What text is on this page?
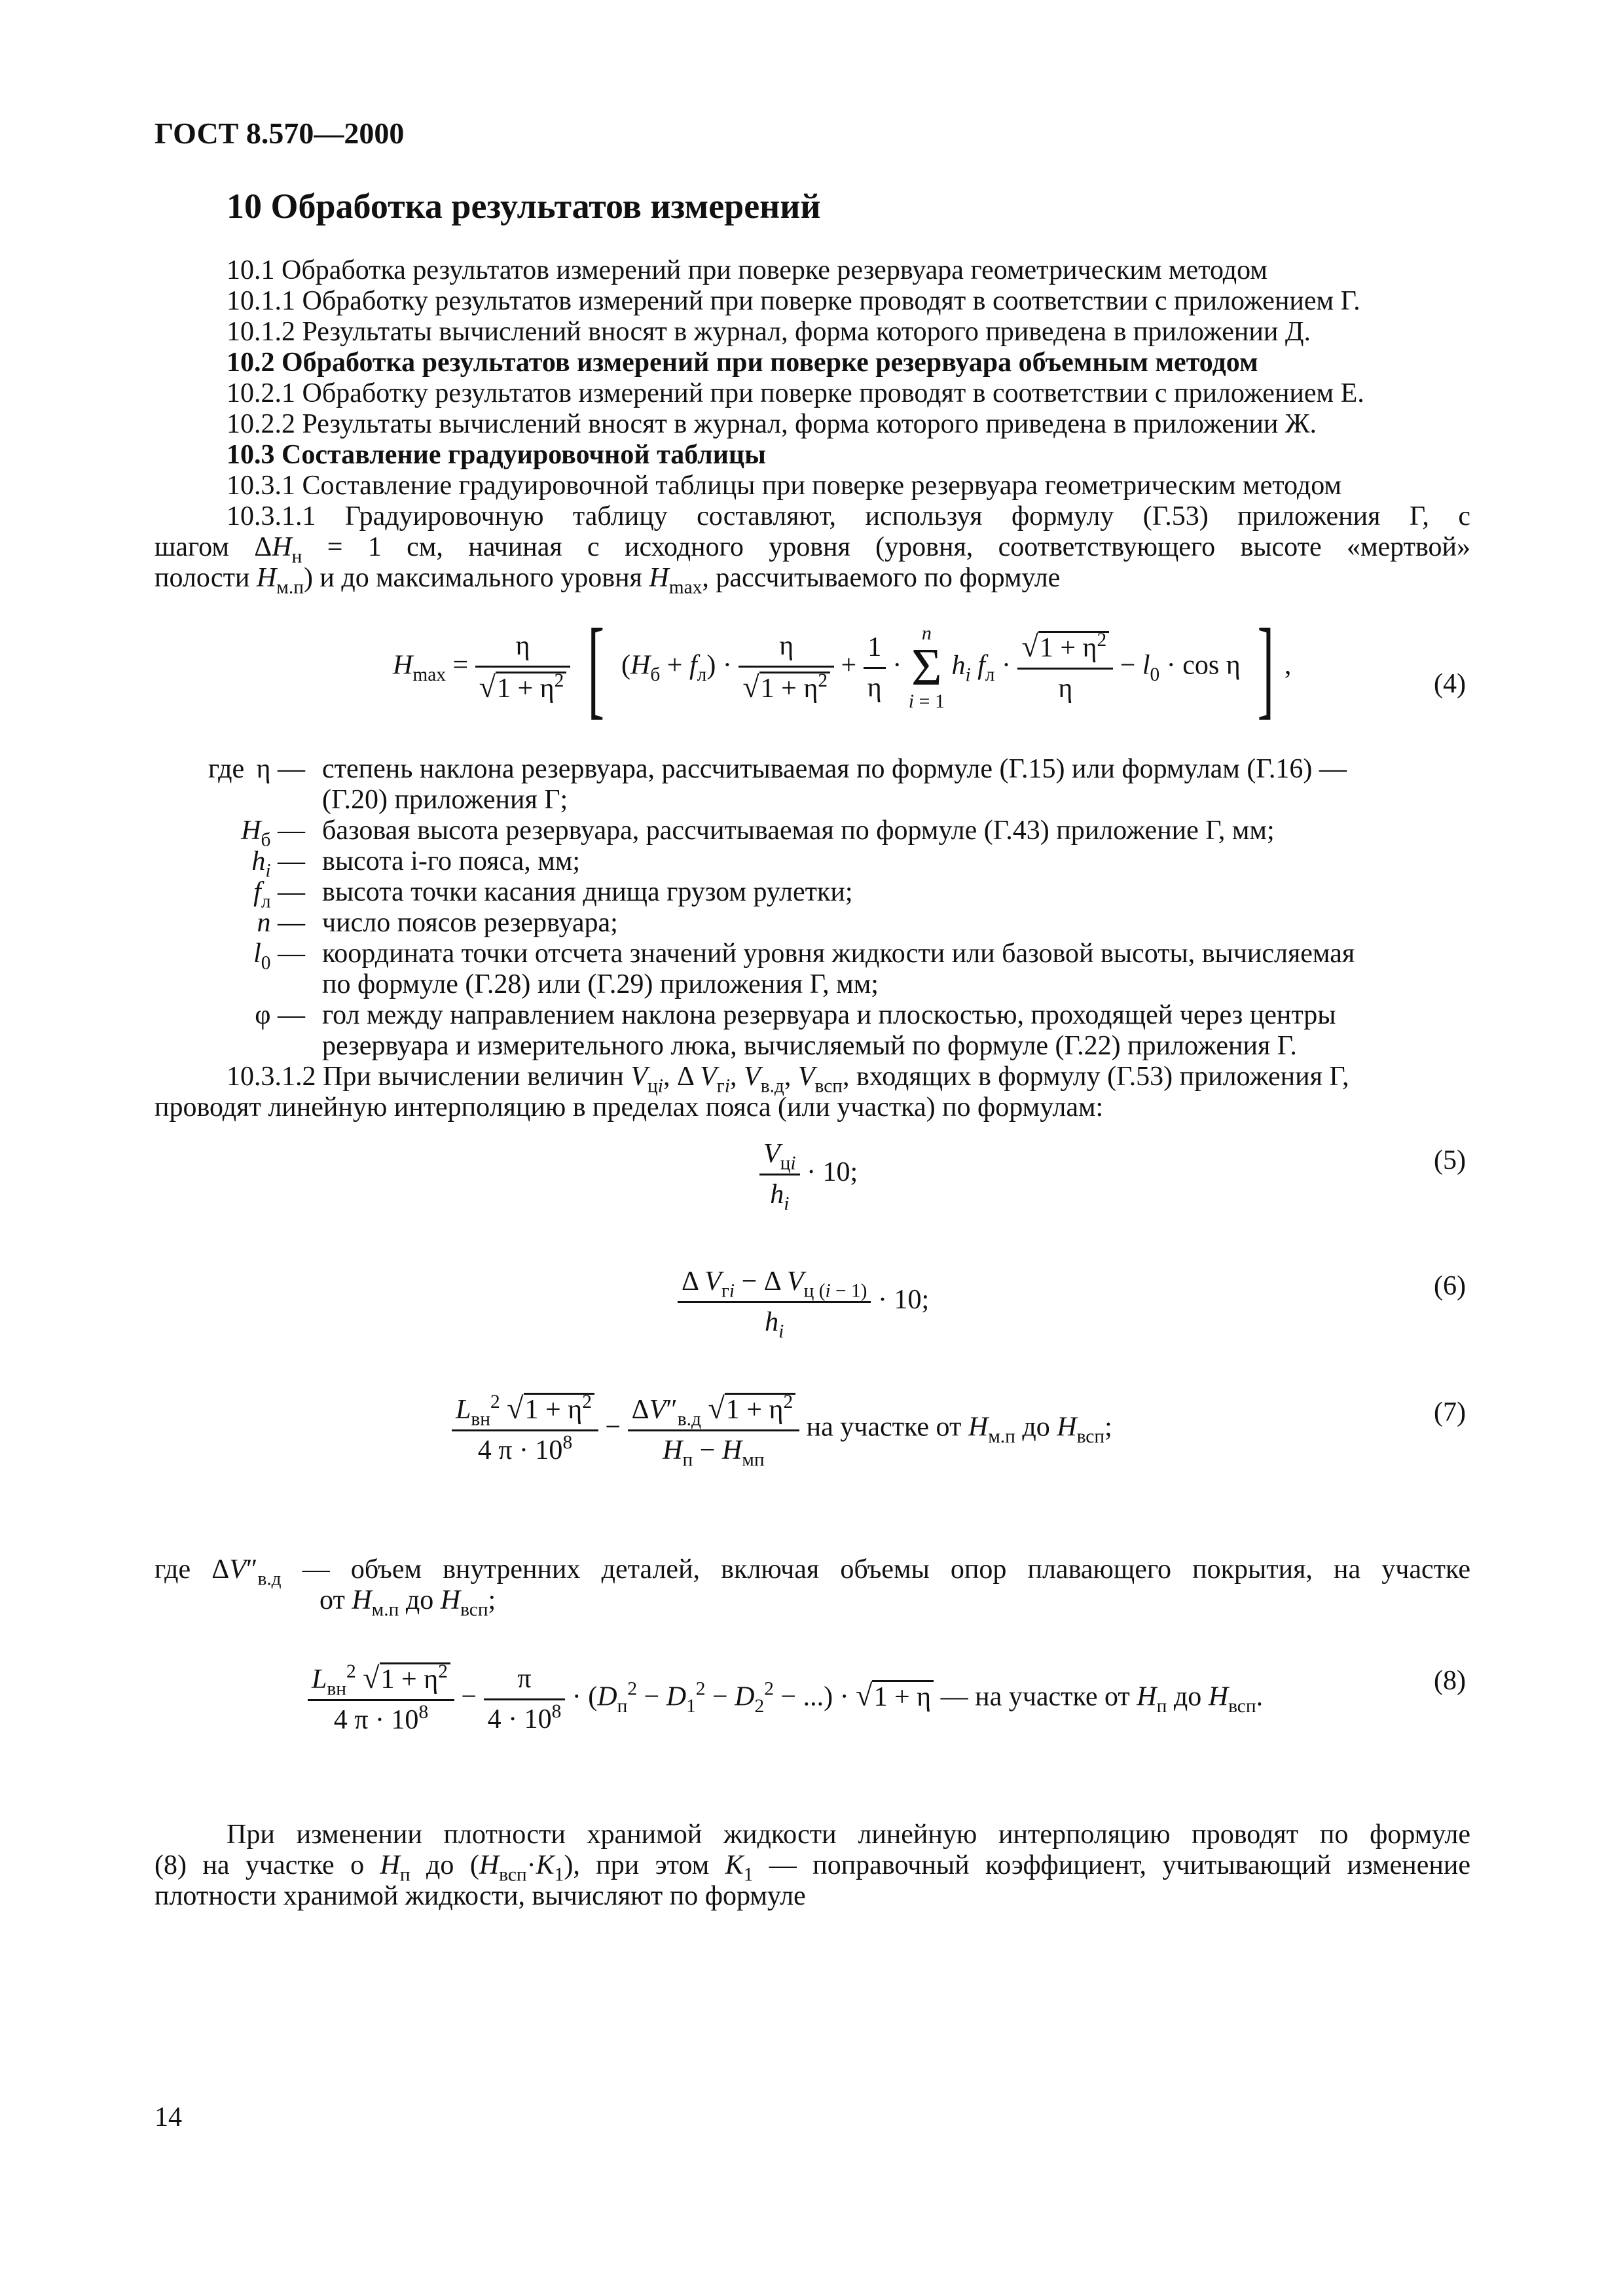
ГОСТ 8.570—2000
10 Обработка результатов измерений
10.1 Обработка результатов измерений при поверке резервуара геометрическим методом
10.1.1 Обработку результатов измерений при поверке проводят в соответствии с приложением Г.
10.1.2 Результаты вычислений вносят в журнал, форма которого приведена в приложении Д.
10.2 Обработка результатов измерений при поверке резервуара объемным методом
10.2.1 Обработку результатов измерений при поверке проводят в соответствии с приложением Е.
10.2.2 Результаты вычислений вносят в журнал, форма которого приведена в приложении Ж.
10.3 Составление градуировочной таблицы
10.3.1 Составление градуировочной таблицы при поверке резервуара геометрическим методом
10.3.1.1 Градуировочную таблицу составляют, используя формулу (Г.53) приложения Г, с
шагом $\Delta H_н = 1$ см, начиная с исходного уровня (уровня, соответствующего высоте «мертвой»
полости $H_{м.п}$) и до максимального уровня $H_{max}$, рассчитываемого по формуле
$H_{max} = \frac{\eta}{√1 + \eta^2}$ [ $(H_б + f_л) \cdot \frac{\eta}{√1 + \eta^2} + \frac{1}{\eta}$ ·
n
Σ
i = 1
$h_i$ $f_л \cdot \frac{√1 + \eta^2}{\eta} - l_0 \cdot \cos \eta$ ] ,
(4)
где η — степень наклона резервуара, рассчитываемая по формуле (Г.15) или формулам (Г.16) —
(Г.20) приложения Г;
$H_б$ — базовая высота резервуара, рассчитываемая по формуле (Г.43) приложение Г, мм;
$h_i$ — высота i-го пояса, мм;
$f_л$ — высота точки касания днища грузом рулетки;
n — число поясов резервуара;
$l_0$ — координата точки отсчета значений уровня жидкости или базовой высоты, вычисляемая
по формуле (Г.28) или (Г.29) приложения Г, мм;
φ — гол между направлением наклона резервуара и плоскостью, проходящей через центры
резервуара и измерительного люка, вычисляемый по формуле (Г.22) приложения Г.
10.3.1.2 При вычислении величин $V_{цi}$, Δ $V_{гi}$, $V_{в.д}$, $V_{всп}$, входящих в формулу (Г.53) приложения Г,
проводят линейную интерполяцию в пределах пояса (или участка) по формулам:
$\frac{V_{цi}}{h_i} \cdot 10$;	(5)
$\frac{\Delta V_{гi} - \Delta V_{ц (i - 1)}}{h_i} \cdot 10$;	(6)
$\frac{L_{вн}^2 √1 + \eta^2}{4 \pi \cdot 10^8} - \frac{\Delta V''_{в.д} √1 + \eta^2}{H_п - H_{мп}}$ на участке от $H_{м.п}$ до $H_{всп}$;	(7)
где $\Delta V''_{в.д}$ — объем внутренних деталей, включая объемы опор плавающего покрытия, на участке
от $H_{м.п}$ до $H_{всп}$;
$\frac{L_{вн}^2 √1 + \eta^2}{4 \pi \cdot 10^8} - \frac{\pi}{4 \cdot 10^8} \cdot (D_п^2 - D_1^2 - D_2^2$ − ...) · √1 + η — на участке от $H_п$ до $H_{всп}$.
(8)
При изменении плотности хранимой жидкости линейную интерполяцию проводят по формуле
(8) на участке о $H_п$ до $(H_{всп}\cdot K_1)$, при этом $K_1$ — поправочный коэффициент, учитывающий изменение
плотности хранимой жидкости, вычисляют по формуле
14
